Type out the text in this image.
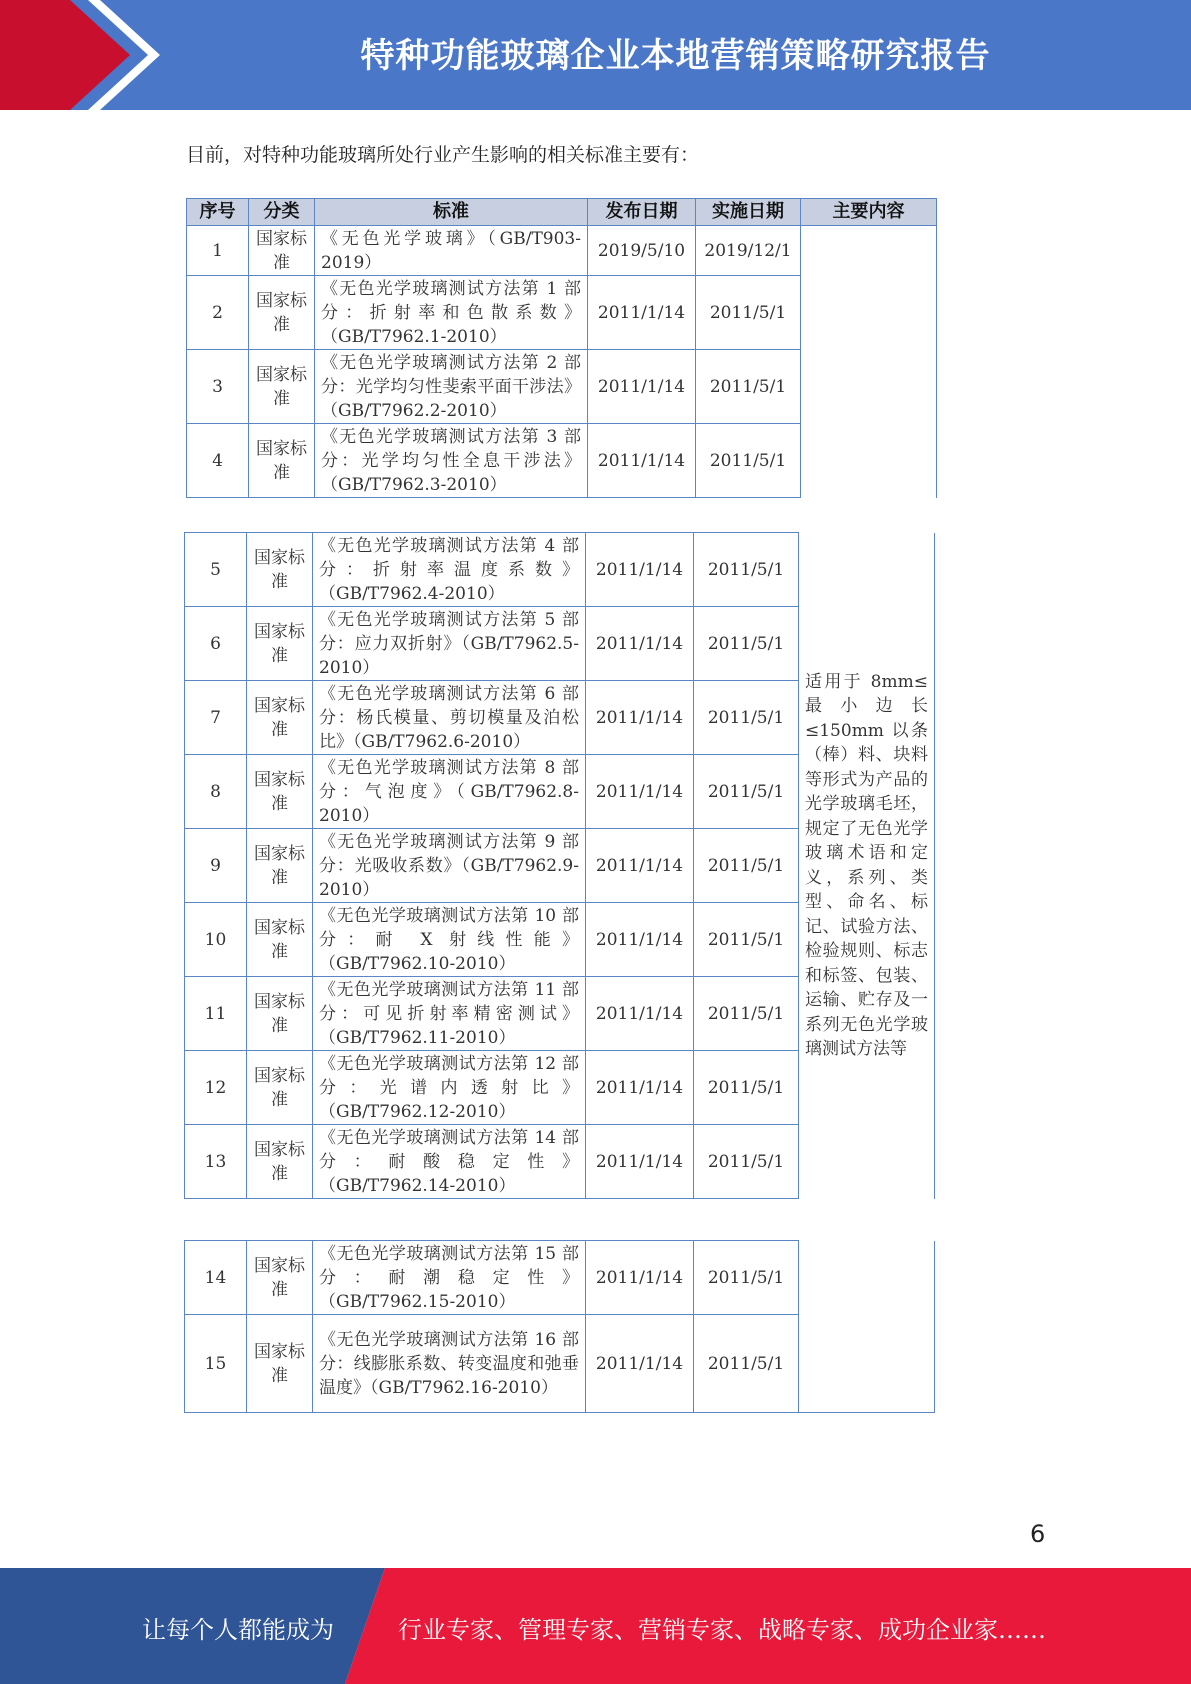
特种功能玻璃企业本地营销策略研究报告
目前，对特种功能玻璃所处行业产生影响的相关标准主要有：
序号	分类	标准	发布日期	实施日期	主要内容
1	国家标准	《无色光学玻璃》（GB/T903-2019）	2019/5/10	2019/12/1	
2	国家标准	《无色光学玻璃测试方法第 1 部分：折射率和色散系数》（GB/T7962.1-2010）	2011/1/14	2011/5/1	
3	国家标准	《无色光学玻璃测试方法第 2 部分：光学均匀性斐索平面干涉法》（GB/T7962.2-2010）	2011/1/14	2011/5/1	
4	国家标准	《无色光学玻璃测试方法第 3 部分：光学均匀性全息干涉法》（GB/T7962.3-2010）	2011/1/14	2011/5/1	
5	国家标准	《无色光学玻璃测试方法第 4 部分：折射率温度系数》（GB/T7962.4-2010）	2011/1/14	2011/5/1	适用于 8mm≤最小边长≤150mm 以条（棒）料、块料等形式为产品的光学玻璃毛坯，规定了无色光学玻璃术语和定义，系列、类型、命名、标记、试验方法、检验规则、标志和标签、包装、运输、贮存及一系列无色光学玻璃测试方法等
6	国家标准	《无色光学玻璃测试方法第 5 部分：应力双折射》（GB/T7962.5-2010）	2011/1/14	2011/5/1	
7	国家标准	《无色光学玻璃测试方法第 6 部分：杨氏模量、剪切模量及泊松比》（GB/T7962.6-2010）	2011/1/14	2011/5/1	
8	国家标准	《无色光学玻璃测试方法第 8 部分：气泡度》（GB/T7962.8-2010）	2011/1/14	2011/5/1	
9	国家标准	《无色光学玻璃测试方法第 9 部分：光吸收系数》（GB/T7962.9-2010）	2011/1/14	2011/5/1	
10	国家标准	《无色光学玻璃测试方法第 10 部分：耐 X 射线性能》（GB/T7962.10-2010）	2011/1/14	2011/5/1	
11	国家标准	《无色光学玻璃测试方法第 11 部分：可见折射率精密测试》（GB/T7962.11-2010）	2011/1/14	2011/5/1	
12	国家标准	《无色光学玻璃测试方法第 12 部分：光谱内透射比》（GB/T7962.12-2010）	2011/1/14	2011/5/1	
13	国家标准	《无色光学玻璃测试方法第 14 部分：耐酸稳定性》（GB/T7962.14-2010）	2011/1/14	2011/5/1	
14	国家标准	《无色光学玻璃测试方法第 15 部分：耐潮稳定性》（GB/T7962.15-2010）	2011/1/14	2011/5/1	
15	国家标准	《无色光学玻璃测试方法第 16 部分：线膨胀系数、转变温度和弛垂温度》（GB/T7962.16-2010）	2011/1/14	2011/5/1	
6
让每个人都能成为	行业专家、管理专家、营销专家、战略专家、成功企业家……
